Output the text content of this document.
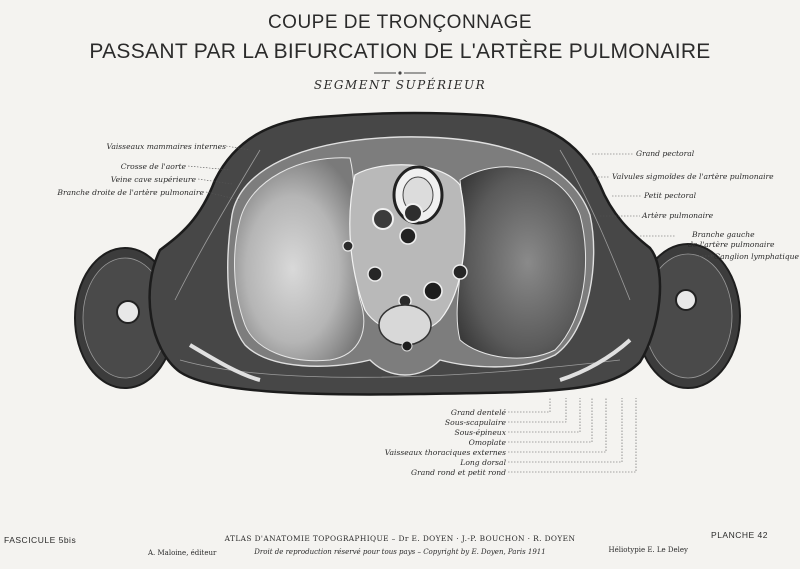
COUPE DE TRONÇONNAGE
PASSANT PAR LA BIFURCATION DE L'ARTÈRE PULMONAIRE
SEGMENT SUPÉRIEUR
Vaisseaux mammaires internes
Crosse de l'aorte
Veine cave supérieure
Branche droite de l'artère pulmonaire
Grand pectoral
Valvules sigmoïdes de l'artère pulmonaire
Petit pectoral
Artère pulmonaire
Branche gauche
de l'artère pulmonaire
Ganglion lymphatique
Grand dentelé
Sous-scapulaire
Sous-épineux
Omoplate
Vaisseaux thoraciques externes
Long dorsal
Grand rond et petit rond
FASCICULE 5bis
A. Maloine, éditeur
ATLAS D'ANATOMIE TOPOGRAPHIQUE – Dr E. DOYEN · J.-P. BOUCHON · R. DOYEN
Droit de reproduction réservé pour tous pays – Copyright by E. Doyen, Paris 1911	Héliotypie E. Le Deley
PLANCHE 42
